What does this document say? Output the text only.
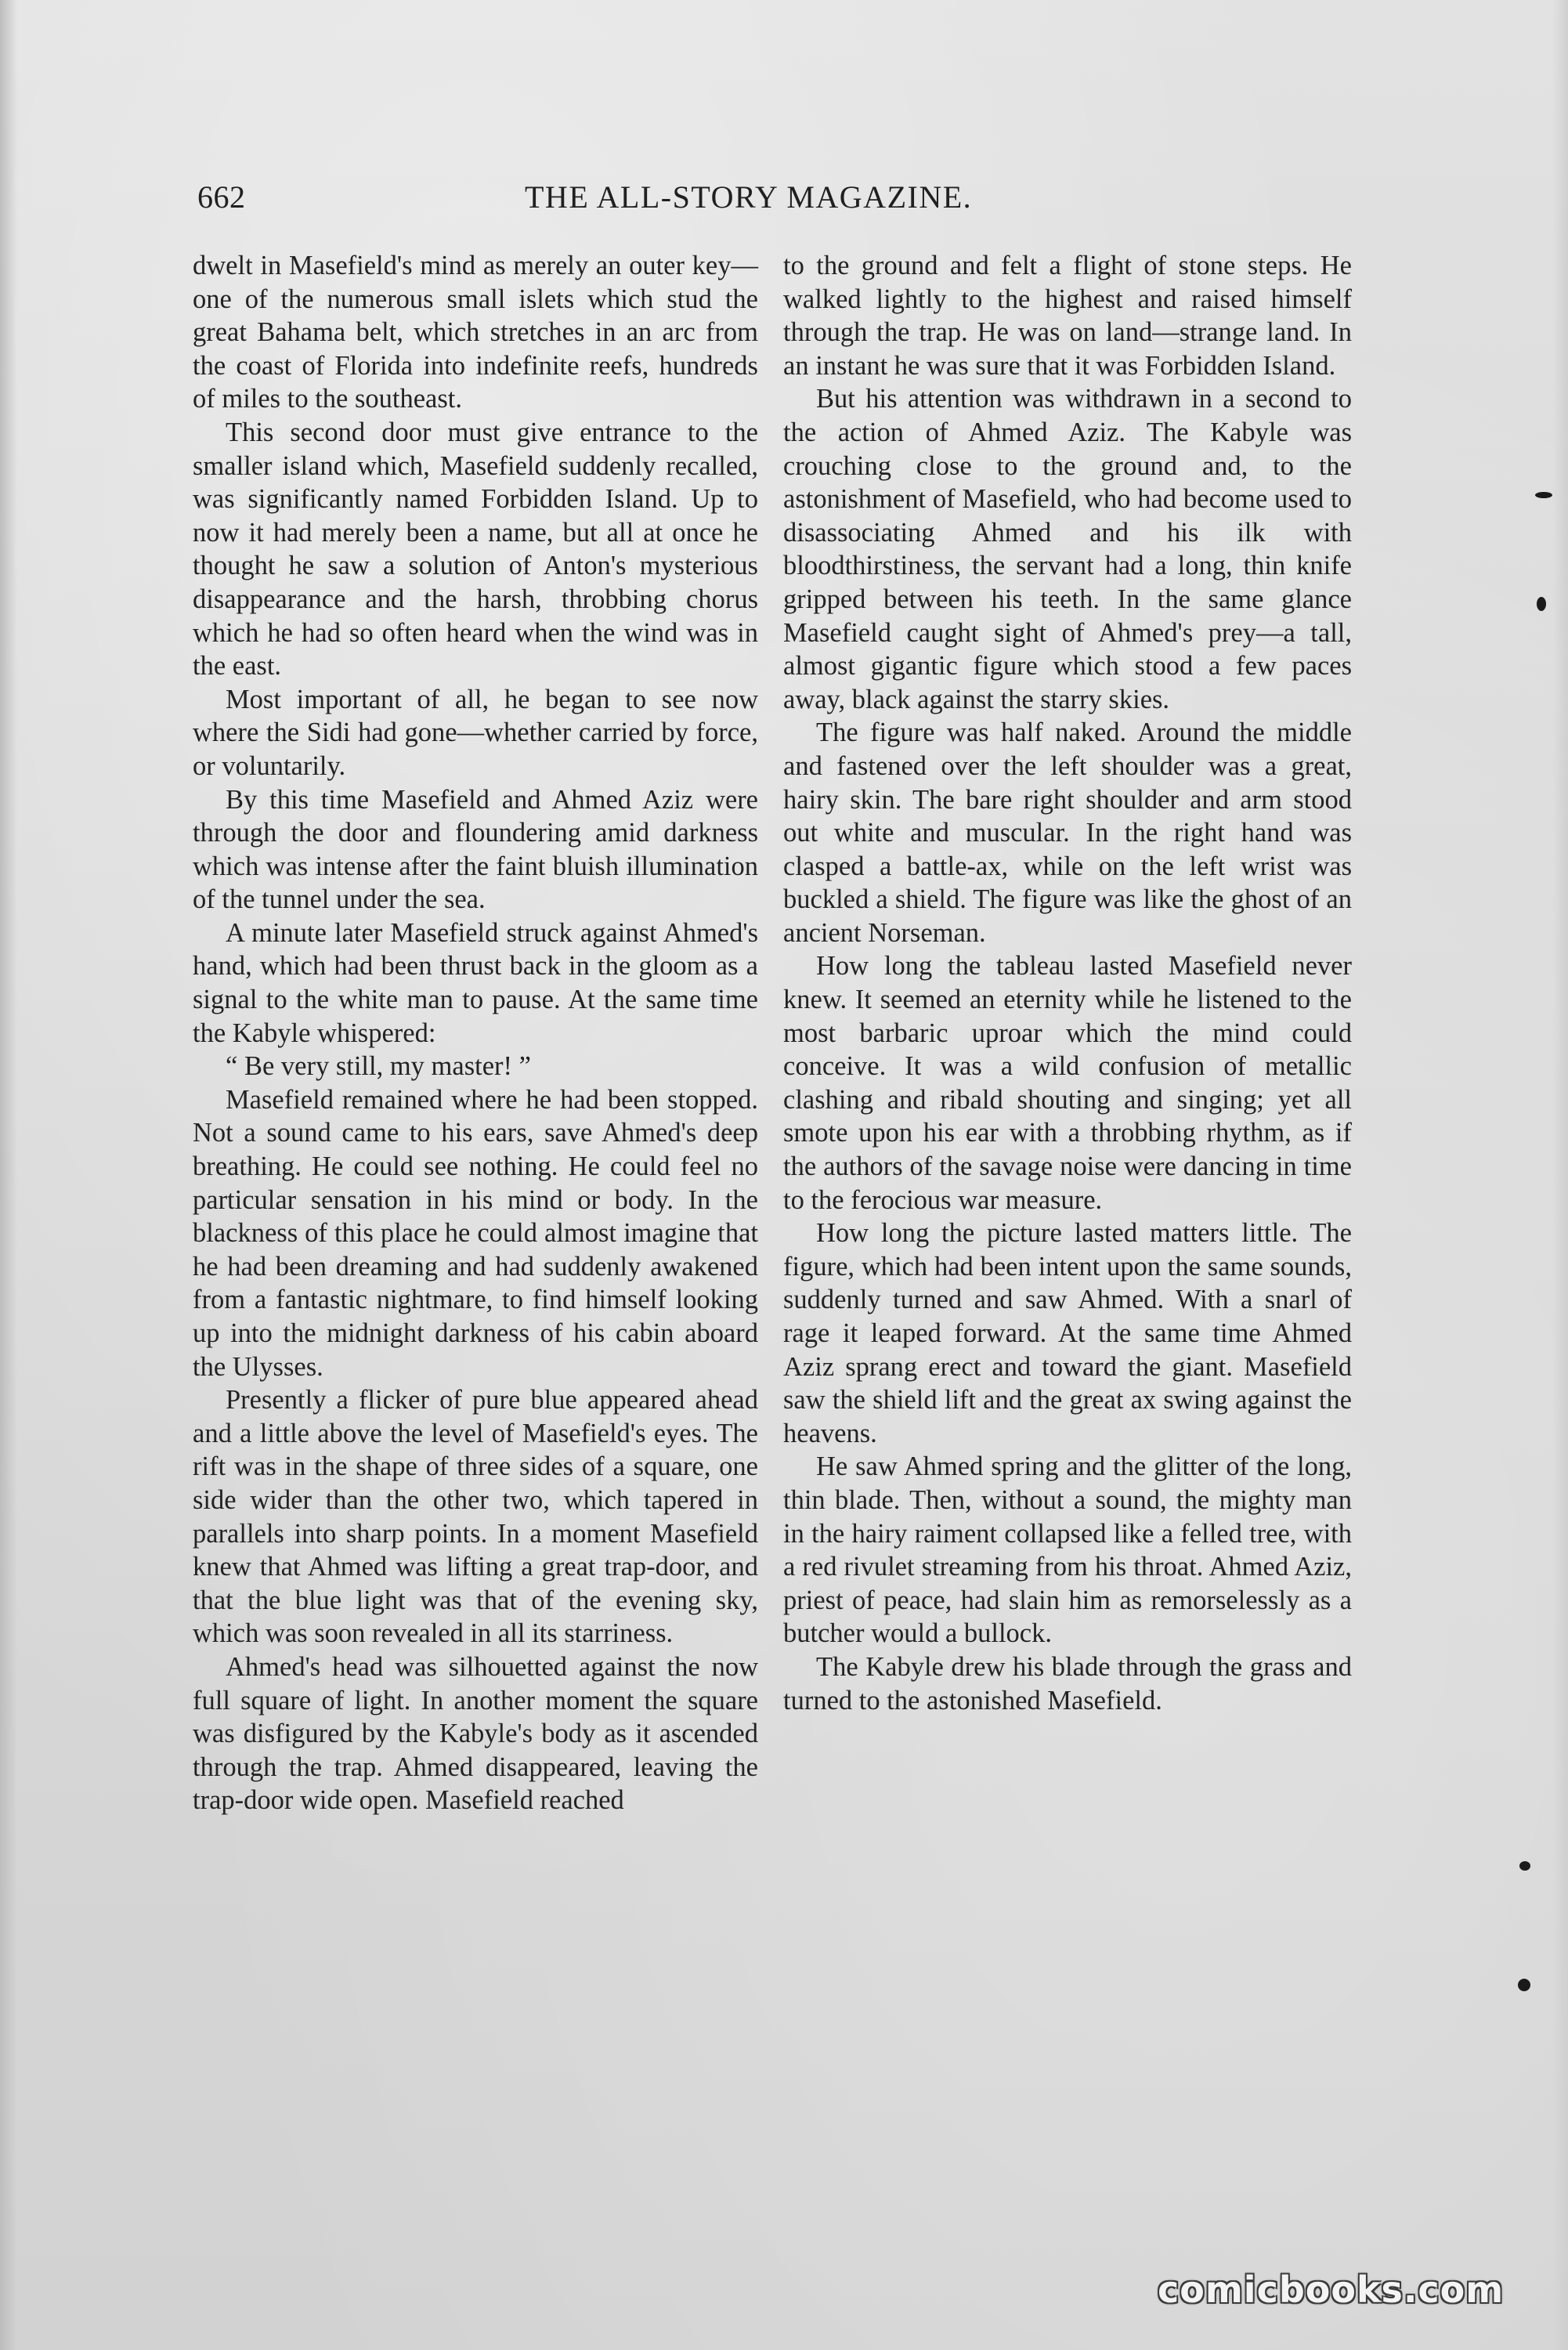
662	THE ALL-STORY MAGAZINE.

dwelt in Masefield's mind as merely an outer key—one of the numerous small islets which stud the great Bahama belt, which stretches in an arc from the coast of Florida into indefinite reefs, hundreds of miles to the southeast.

This second door must give entrance to the smaller island which, Masefield suddenly recalled, was significantly named Forbidden Island. Up to now it had merely been a name, but all at once he thought he saw a solution of Anton's mysterious disappearance and the harsh, throbbing chorus which he had so often heard when the wind was in the east.

Most important of all, he began to see now where the Sidi had gone—whether carried by force, or voluntarily.

By this time Masefield and Ahmed Aziz were through the door and floundering amid darkness which was intense after the faint bluish illumination of the tunnel under the sea.

A minute later Masefield struck against Ahmed's hand, which had been thrust back in the gloom as a signal to the white man to pause. At the same time the Kabyle whispered:

“ Be very still, my master! ”

Masefield remained where he had been stopped. Not a sound came to his ears, save Ahmed's deep breathing. He could see nothing. He could feel no particular sensation in his mind or body. In the blackness of this place he could almost imagine that he had been dreaming and had suddenly awakened from a fantastic nightmare, to find himself looking up into the midnight darkness of his cabin aboard the Ulysses.

Presently a flicker of pure blue appeared ahead and a little above the level of Masefield's eyes. The rift was in the shape of three sides of a square, one side wider than the other two, which tapered in parallels into sharp points. In a moment Masefield knew that Ahmed was lifting a great trap-door, and that the blue light was that of the evening sky, which was soon revealed in all its starriness.

Ahmed's head was silhouetted against the now full square of light. In another moment the square was disfigured by the Kabyle's body as it ascended through the trap. Ahmed disappeared, leaving the trap-door wide open. Masefield reached

to the ground and felt a flight of stone steps. He walked lightly to the highest and raised himself through the trap. He was on land—strange land. In an instant he was sure that it was Forbidden Island.

But his attention was withdrawn in a second to the action of Ahmed Aziz. The Kabyle was crouching close to the ground and, to the astonishment of Masefield, who had become used to disassociating Ahmed and his ilk with bloodthirstiness, the servant had a long, thin knife gripped between his teeth. In the same glance Masefield caught sight of Ahmed's prey—a tall, almost gigantic figure which stood a few paces away, black against the starry skies.

The figure was half naked. Around the middle and fastened over the left shoulder was a great, hairy skin. The bare right shoulder and arm stood out white and muscular. In the right hand was clasped a battle-ax, while on the left wrist was buckled a shield. The figure was like the ghost of an ancient Norseman.

How long the tableau lasted Masefield never knew. It seemed an eternity while he listened to the most barbaric uproar which the mind could conceive. It was a wild confusion of metallic clashing and ribald shouting and singing; yet all smote upon his ear with a throbbing rhythm, as if the authors of the savage noise were dancing in time to the ferocious war measure.

How long the picture lasted matters little. The figure, which had been intent upon the same sounds, suddenly turned and saw Ahmed. With a snarl of rage it leaped forward. At the same time Ahmed Aziz sprang erect and toward the giant. Masefield saw the shield lift and the great ax swing against the heavens.

He saw Ahmed spring and the glitter of the long, thin blade. Then, without a sound, the mighty man in the hairy raiment collapsed like a felled tree, with a red rivulet streaming from his throat. Ahmed Aziz, priest of peace, had slain him as remorselessly as a butcher would a bullock.

The Kabyle drew his blade through the grass and turned to the astonished Masefield.

comicbooks.com
